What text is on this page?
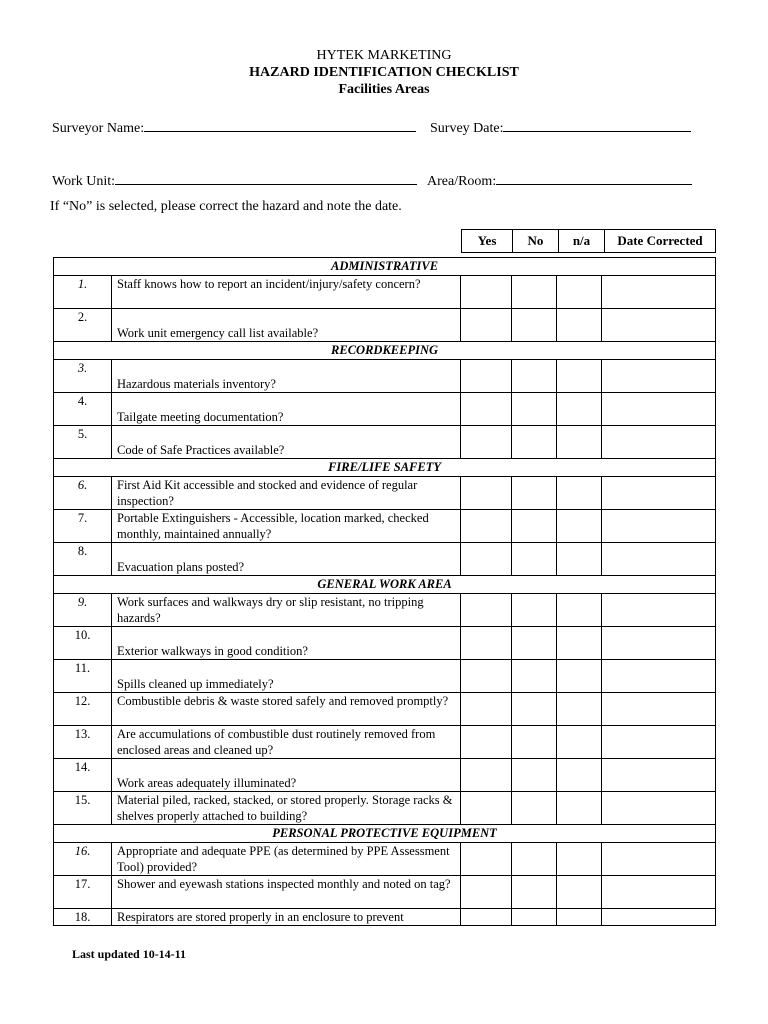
HYTEK MARKETING
HAZARD IDENTIFICATION CHECKLIST
Facilities Areas
Surveyor Name:	Survey Date:
Work Unit:	Area/Room:
If “No” is selected, please correct the hazard and note the date.
Yes	No	n/a	Date Corrected
ADMINISTRATIVE					
1.	Staff knows how to report an incident/injury/safety concern?				
2.	Work unit emergency call list available?				
RECORDKEEPING					
3.	Hazardous materials inventory?				
4.	Tailgate meeting documentation?				
5.	Code of Safe Practices available?				
FIRE/LIFE SAFETY					
6.	First Aid Kit accessible and stocked and evidence of regular inspection?				
7.	Portable Extinguishers - Accessible, location marked, checked monthly, maintained annually?				
8.	Evacuation plans posted?				
GENERAL WORK AREA					
9.	Work surfaces and walkways dry or slip resistant, no tripping hazards?				
10.	Exterior walkways in good condition?				
11.	Spills cleaned up immediately?				
12.	Combustible debris & waste stored safely and removed promptly?				
13.	Are accumulations of combustible dust routinely removed from enclosed areas and cleaned up?				
14.	Work areas adequately illuminated?				
15.	Material piled, racked, stacked, or stored properly. Storage racks & shelves properly attached to building?				
PERSONAL PROTECTIVE EQUIPMENT					
16.	Appropriate and adequate PPE (as determined by PPE Assessment Tool) provided?				
17.	Shower and eyewash stations inspected monthly and noted on tag?				
18.	Respirators are stored properly in an enclosure to prevent				
Last updated 10-14-11
